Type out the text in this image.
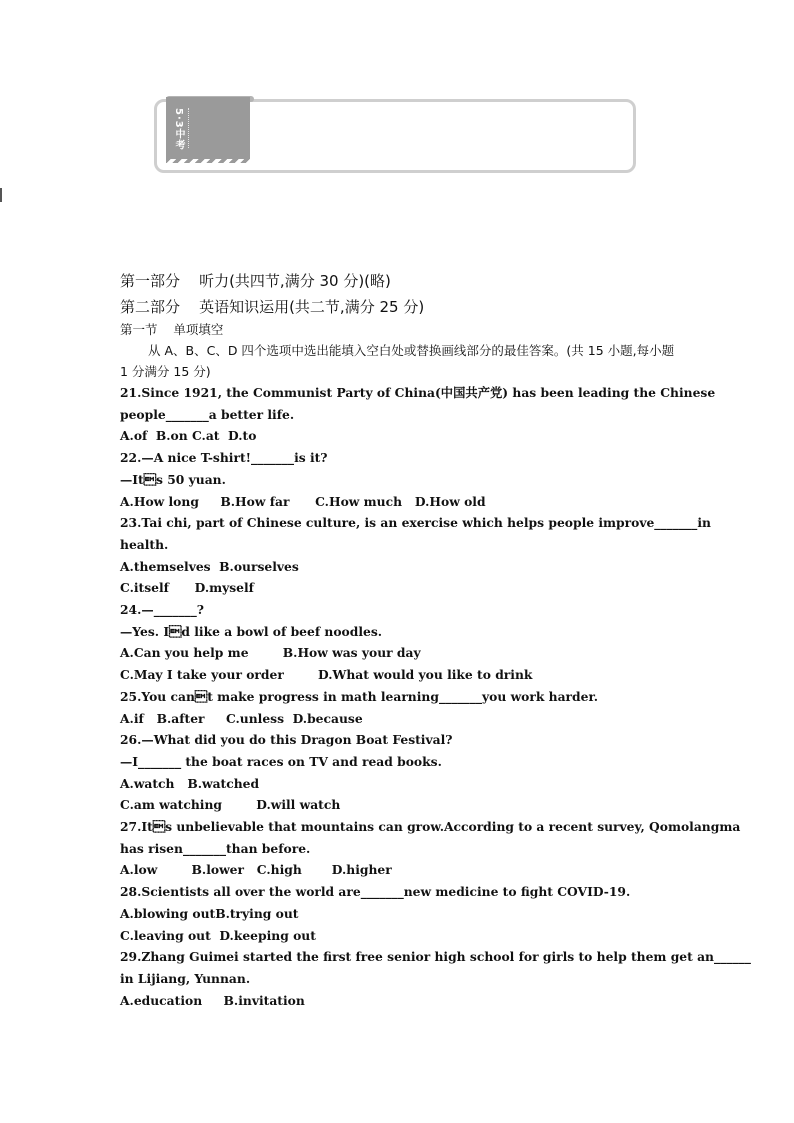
5·3中考

第一部分    听力(共四节,满分 30 分)(略)

第二部分    英语知识运用(共二节,满分 25 分)

第一节    单项填空

从 A、B、C、D 四个选项中选出能填入空白处或替换画线部分的最佳答案。(共 15 小题,每小题 1 分满分 15 分)

21.Since 1921, the Communist Party of China(中国共产党) has been leading the Chinese

people_______a better life.

A.of  B.on C.at  D.to

22.—A nice T-shirt!_______is it?

—Its 50 yuan.

A.How long     B.How far      C.How much   D.How old

23.Tai chi, part of Chinese culture, is an exercise which helps people improve_______in

health.

A.themselves  B.ourselves

C.itself      D.myself

24.—_______?

—Yes. Id like a bowl of beef noodles.

A.Can you help me        B.How was your day

C.May I take your order        D.What would you like to drink

25.You cant make progress in math learning_______you work harder.

A.if   B.after     C.unless  D.because

26.—What did you do this Dragon Boat Festival?

—I_______ the boat races on TV and read books.

A.watch   B.watched

C.am watching        D.will watch

27.Its unbelievable that mountains can grow.According to a recent survey, Qomolangma

has risen_______than before.

A.low        B.lower   C.high       D.higher

28.Scientists all over the world are_______new medicine to fight COVID-19.

A.blowing outB.trying out

C.leaving out  D.keeping out

29.Zhang Guimei started the first free senior high school for girls to help them get an______

in Lijiang, Yunnan.

A.education     B.invitation
